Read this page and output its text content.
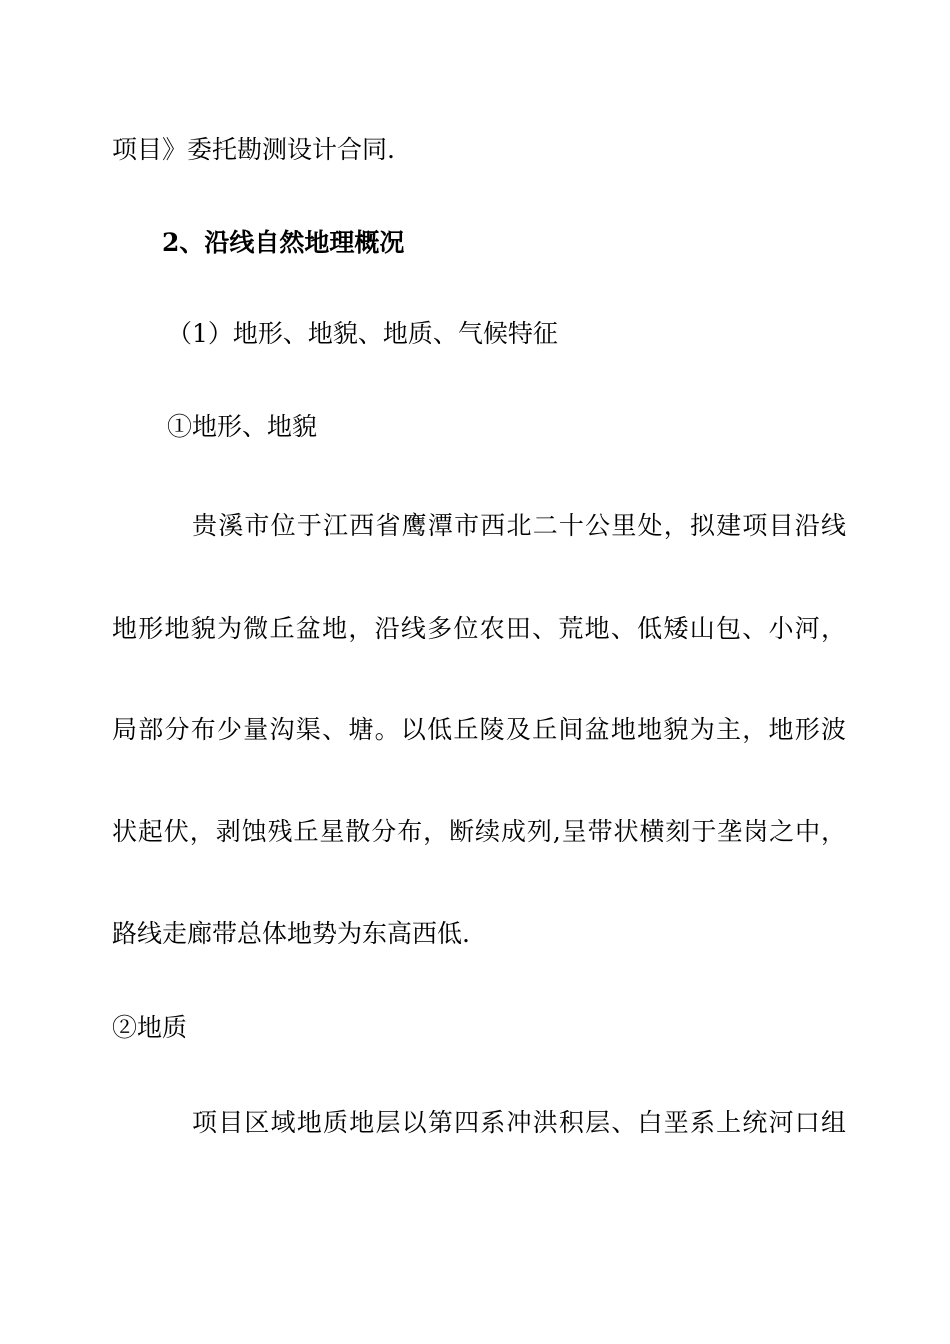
项目》委托勘测设计合同.
2、沿线自然地理概况
（1）地形、地貌、地质、气候特征
①地形、地貌
贵溪市位于江西省鹰潭市西北二十公里处，拟建项目沿线
地形地貌为微丘盆地，沿线多位农田、荒地、低矮山包、小河，
局部分布少量沟渠、塘。以低丘陵及丘间盆地地貌为主，地形波
状起伏，剥蚀残丘星散分布，断续成列,呈带状横刻于垄岗之中，
路线走廊带总体地势为东高西低.
②地质
项目区域地质地层以第四系冲洪积层、白垩系上统河口组
